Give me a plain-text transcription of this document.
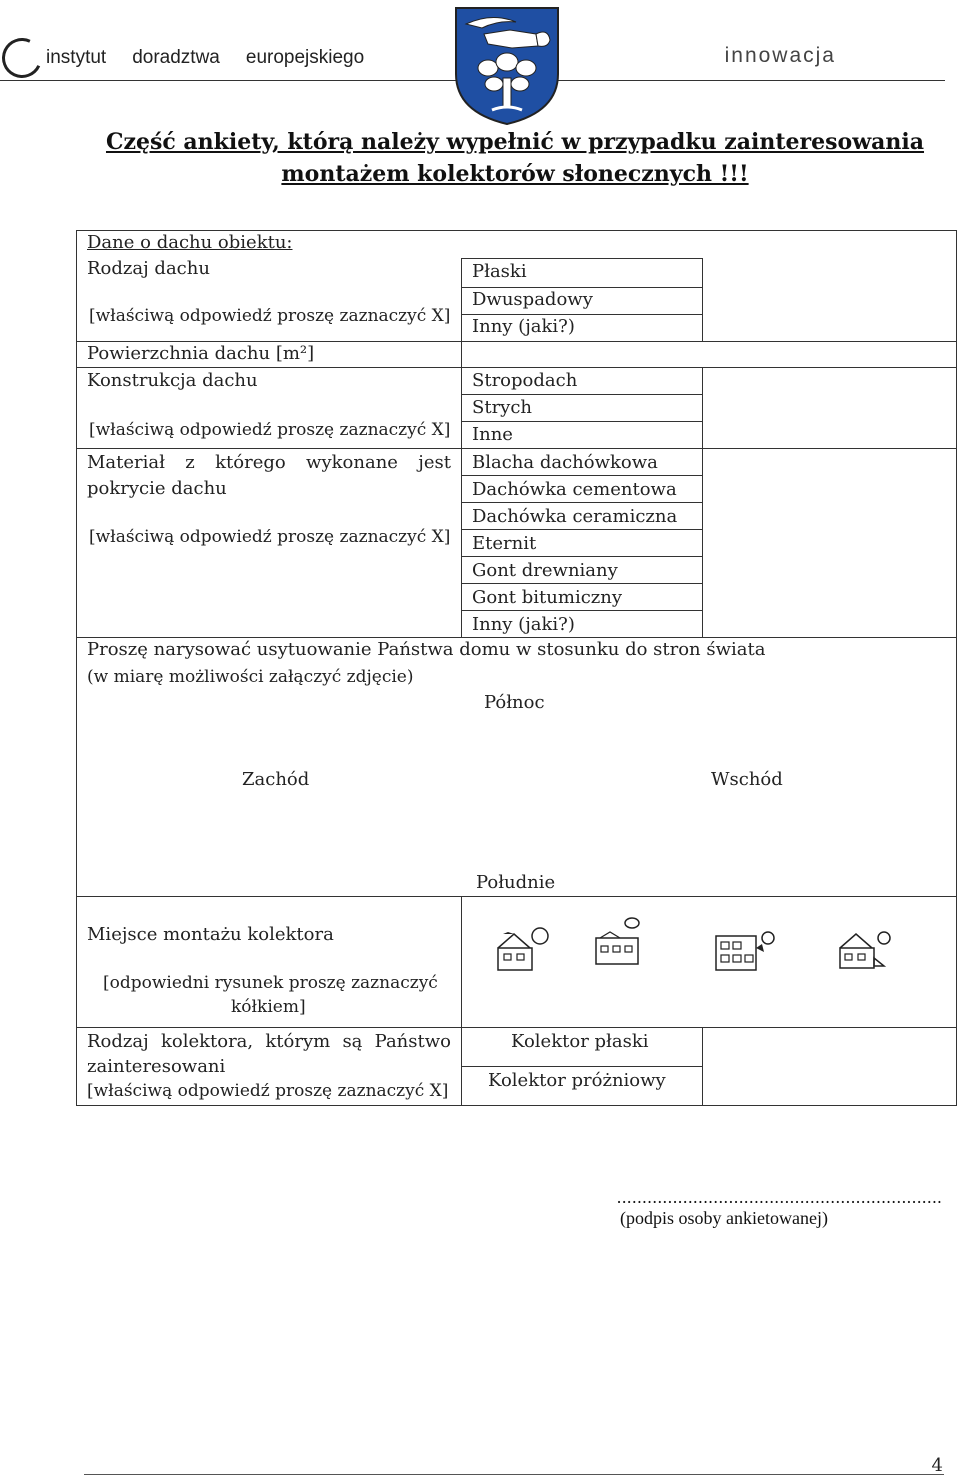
instytut doradztwa europejskiego	innowacja
Część ankiety, którą należy wypełnić w przypadku zainteresowania
montażem kolektorów słonecznych !!!
Dane o dachu obiektu:
Rodzaj dachu
[właściwą odpowiedź proszę zaznaczyć X]
Płaski
Dwuspadowy
Inny (jaki?)
Powierzchnia dachu [m²]
Konstrukcja dachu
[właściwą odpowiedź proszę zaznaczyć X]
Stropodach
Strych
Inne
Materiał z którego wykonane jest
pokrycie dachu
[właściwą odpowiedź proszę zaznaczyć X]
Blacha dachówkowa
Dachówka cementowa
Dachówka ceramiczna
Eternit
Gont drewniany
Gont bitumiczny
Inny (jaki?)
Proszę narysować usytuowanie Państwa domu w stosunku do stron świata
(w miarę możliwości załączyć zdjęcie)
Północ
Zachód	Wschód
Południe
Miejsce montażu kolektora
[odpowiedni rysunek proszę zaznaczyć
kółkiem]
Rodzaj kolektora, którym są Państwo
zainteresowani
[właściwą odpowiedź proszę zaznaczyć X]
Kolektor płaski
Kolektor próżniowy
................................................................
(podpis osoby ankietowanej)
4
